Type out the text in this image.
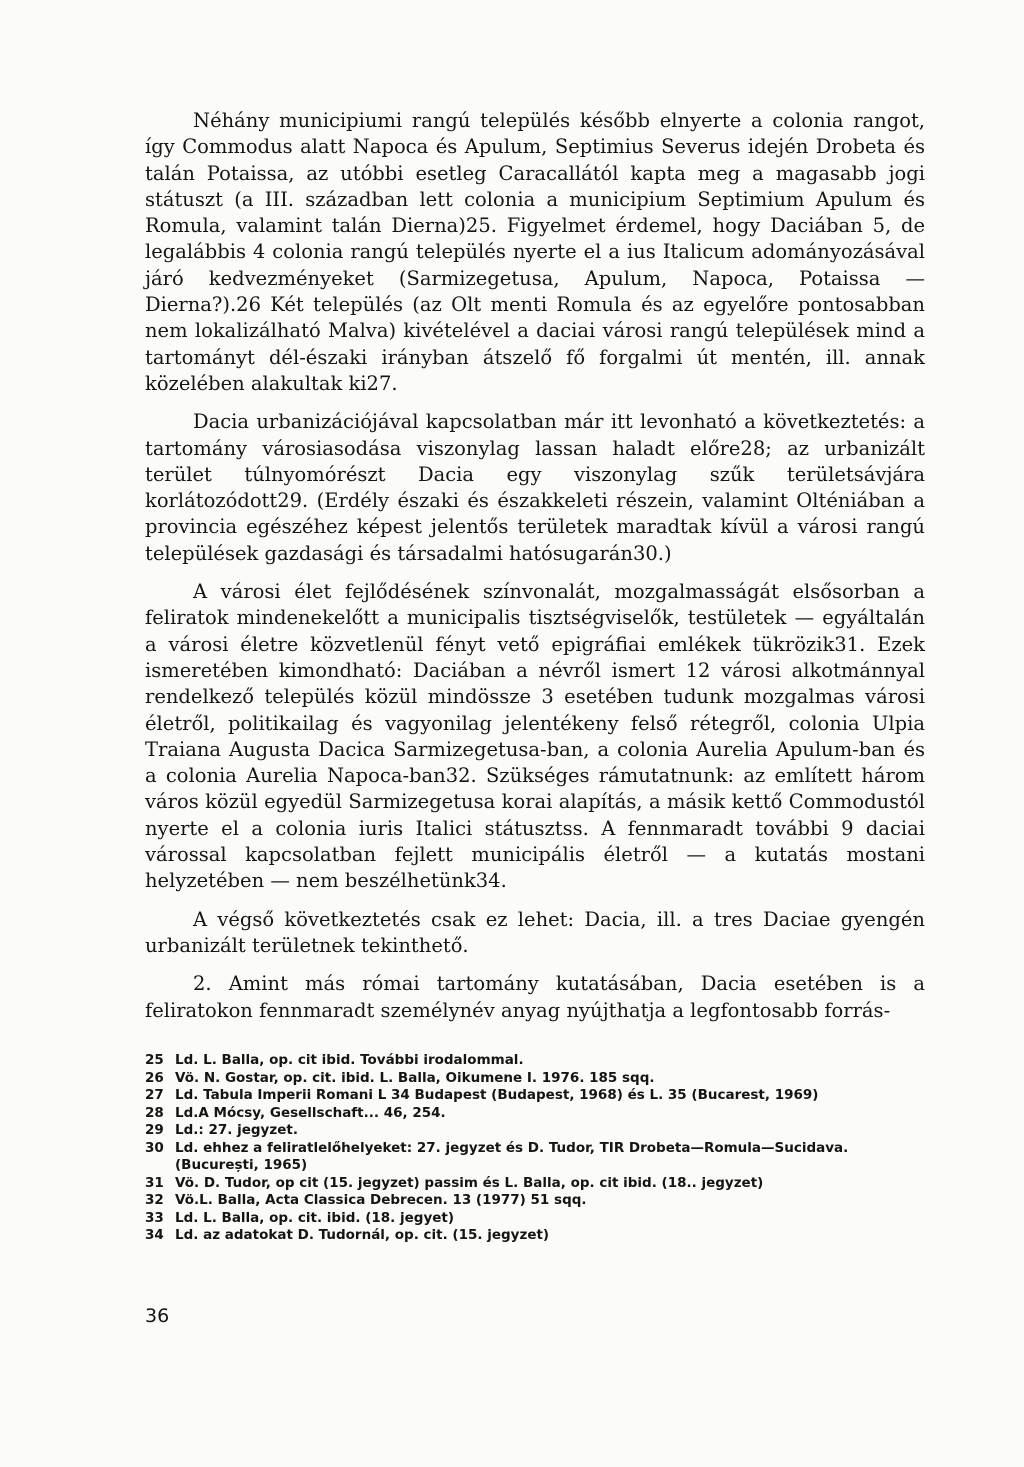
Néhány municipiumi rangú település később elnyerte a colonia rangot, így Commodus alatt Napoca és Apulum, Septimius Severus idején Drobeta és talán Potaissa, az utóbbi esetleg Caracallától kapta meg a magasabb jogi státuszt (a III. században lett colonia a municipium Septimium Apulum és Romula, valamint talán Dierna)25. Figyelmet érdemel, hogy Daciában 5, de legalábbis 4 colonia rangú település nyerte el a ius Italicum adományozásával járó kedvezményeket (Sarmizegetusa, Apulum, Napoca, Potaissa — Dierna?).26 Két település (az Olt menti Romula és az egyelőre pontosabban nem lokalizálható Malva) kivételével a daciai városi rangú települések mind a tartományt dél-északi irányban átszelő fő forgalmi út mentén, ill. annak közelében alakultak ki27.

Dacia urbanizációjával kapcsolatban már itt levonható a következtetés: a tartomány városiasodása viszonylag lassan haladt előre28; az urbanizált terület túlnyomórészt Dacia egy viszonylag szűk területsávjára korlátozódott29. (Erdély északi és északkeleti részein, valamint Olténiában a provincia egészéhez képest jelentős területek maradtak kívül a városi rangú települések gazdasági és társadalmi hatósugarán30.)

A városi élet fejlődésének színvonalát, mozgalmasságát elsősorban a feliratok mindenekelőtt a municipalis tisztségviselők, testületek — egyáltalán a városi életre közvetlenül fényt vető epigráfiai emlékek tükrözik31. Ezek ismeretében kimondható: Daciában a névről ismert 12 városi alkotmánnyal rendelkező település közül mindössze 3 esetében tudunk mozgalmas városi életről, politikailag és vagyonilag jelentékeny felső rétegről, colonia Ulpia Traiana Augusta Dacica Sarmizegetusa-ban, a colonia Aurelia Apulum-ban és a colonia Aurelia Napoca-ban32. Szükséges rámutatnunk: az említett három város közül egyedül Sarmizegetusa korai alapítás, a másik kettő Commodustól nyerte el a colonia iuris Italici státusztss. A fennmaradt további 9 daciai várossal kapcsolatban fejlett municipális életről — a kutatás mostani helyzetében — nem beszélhetünk34.

A végső következtetés csak ez lehet: Dacia, ill. a tres Daciae gyengén urbanizált területnek tekinthető.

2. Amint más római tartomány kutatásában, Dacia esetében is a feliratokon fennmaradt személynév anyag nyújthatja a legfontosabb forrás-

25 Ld. L. Balla, op. cit ibid. További irodalommal.
26 Vö. N. Gostar, op. cit. ibid. L. Balla, Oikumene I. 1976. 185 sqq.
27 Ld. Tabula Imperii Romani L 34 Budapest (Budapest, 1968) és L. 35 (Bucarest, 1969)
28 Ld.A Mócsy, Gesellschaft... 46, 254.
29 Ld.: 27. jegyzet.
30 Ld. ehhez a feliratlelőhelyeket: 27. jegyzet és D. Tudor, TIR Drobeta—Romula—Sucidava. (București, 1965)
31 Vö. D. Tudor, op cit (15. jegyzet) passim és L. Balla, op. cit ibid. (18.. jegyzet)
32 Vö.L. Balla, Acta Classica Debrecen. 13 (1977) 51 sqq.
33 Ld. L. Balla, op. cit. ibid. (18. jegyet)
34 Ld. az adatokat D. Tudornál, op. cit. (15. jegyzet)
36
